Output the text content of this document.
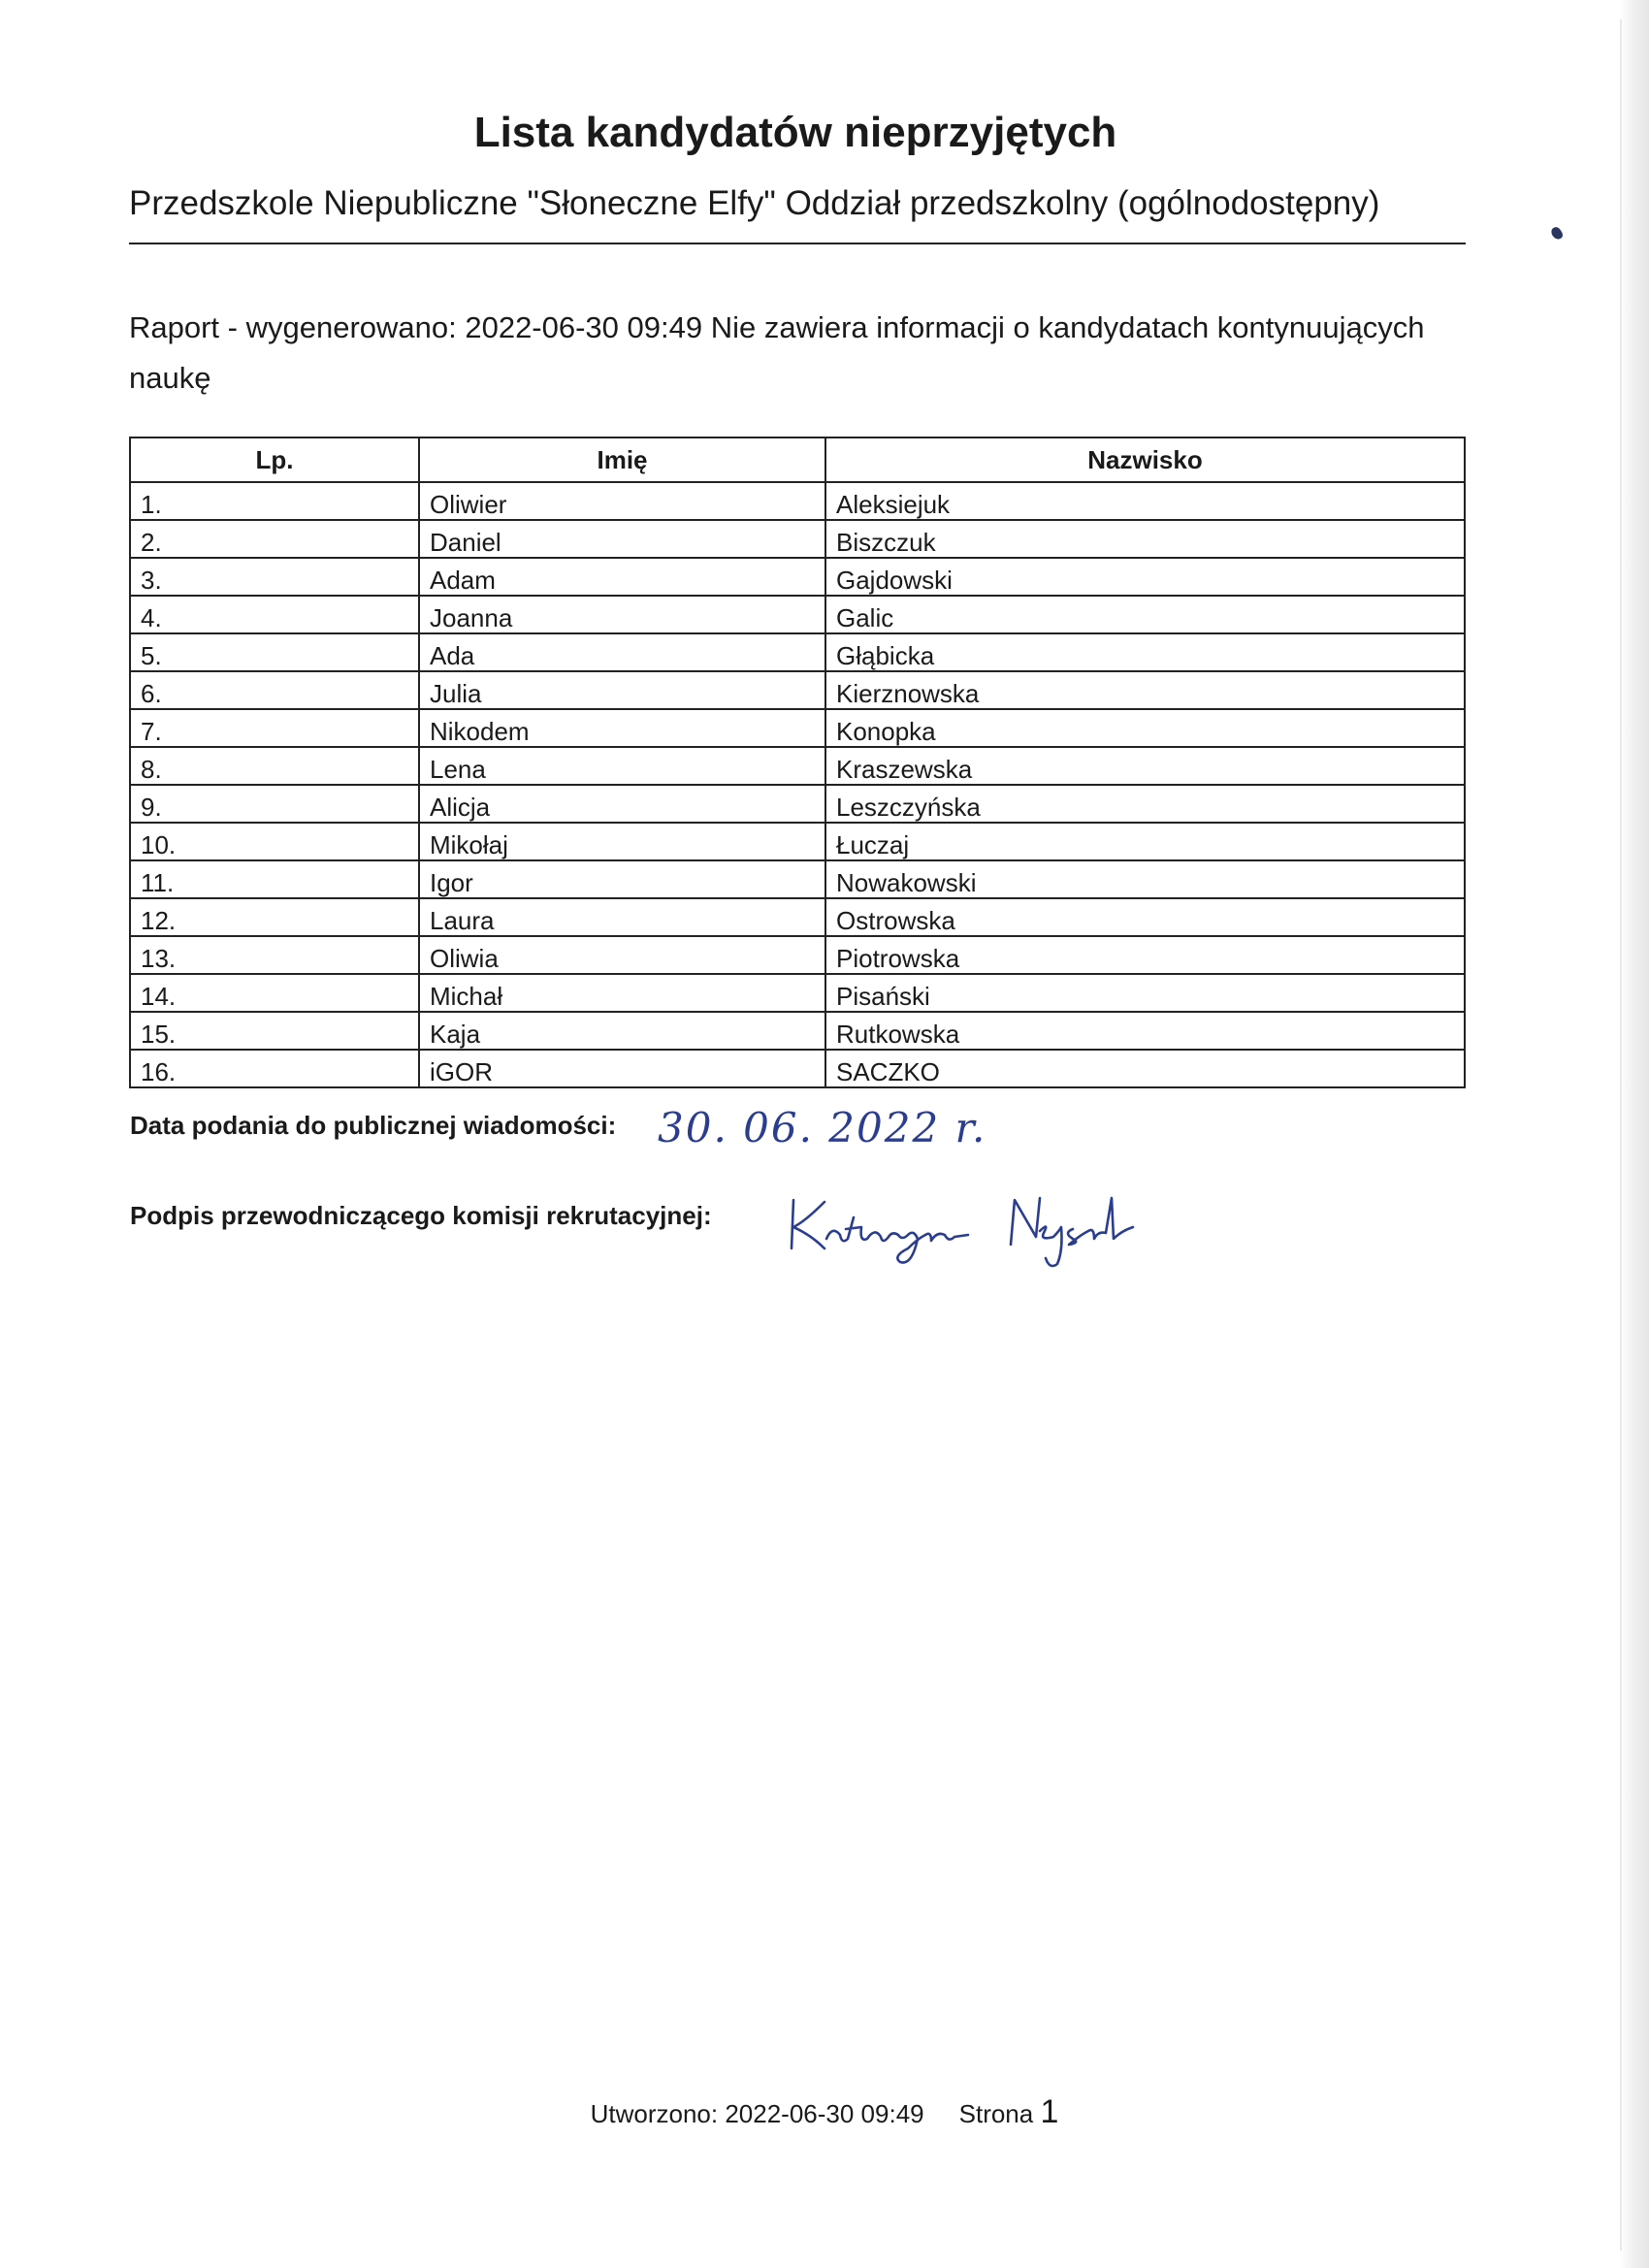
Lista kandydatów nieprzyjętych
Przedszkole Niepubliczne "Słoneczne Elfy" Oddział przedszkolny (ogólnodostępny)
Raport - wygenerowano: 2022-06-30 09:49 Nie zawiera informacji o kandydatach kontynuujących naukę
Lp.	Imię	Nazwisko
1.	Oliwier	Aleksiejuk
2.	Daniel	Biszczuk
3.	Adam	Gajdowski
4.	Joanna	Galic
5.	Ada	Głąbicka
6.	Julia	Kierznowska
7.	Nikodem	Konopka
8.	Lena	Kraszewska
9.	Alicja	Leszczyńska
10.	Mikołaj	Łuczaj
11.	Igor	Nowakowski
12.	Laura	Ostrowska
13.	Oliwia	Piotrowska
14.	Michał	Pisański
15.	Kaja	Rutkowska
16.	iGOR	SACZKO
Data podania do publicznej wiadomości: 30. 06. 2022 r.
Podpis przewodniczącego komisji rekrutacyjnej:
Utworzono: 2022-06-30 09:49 Strona 1
